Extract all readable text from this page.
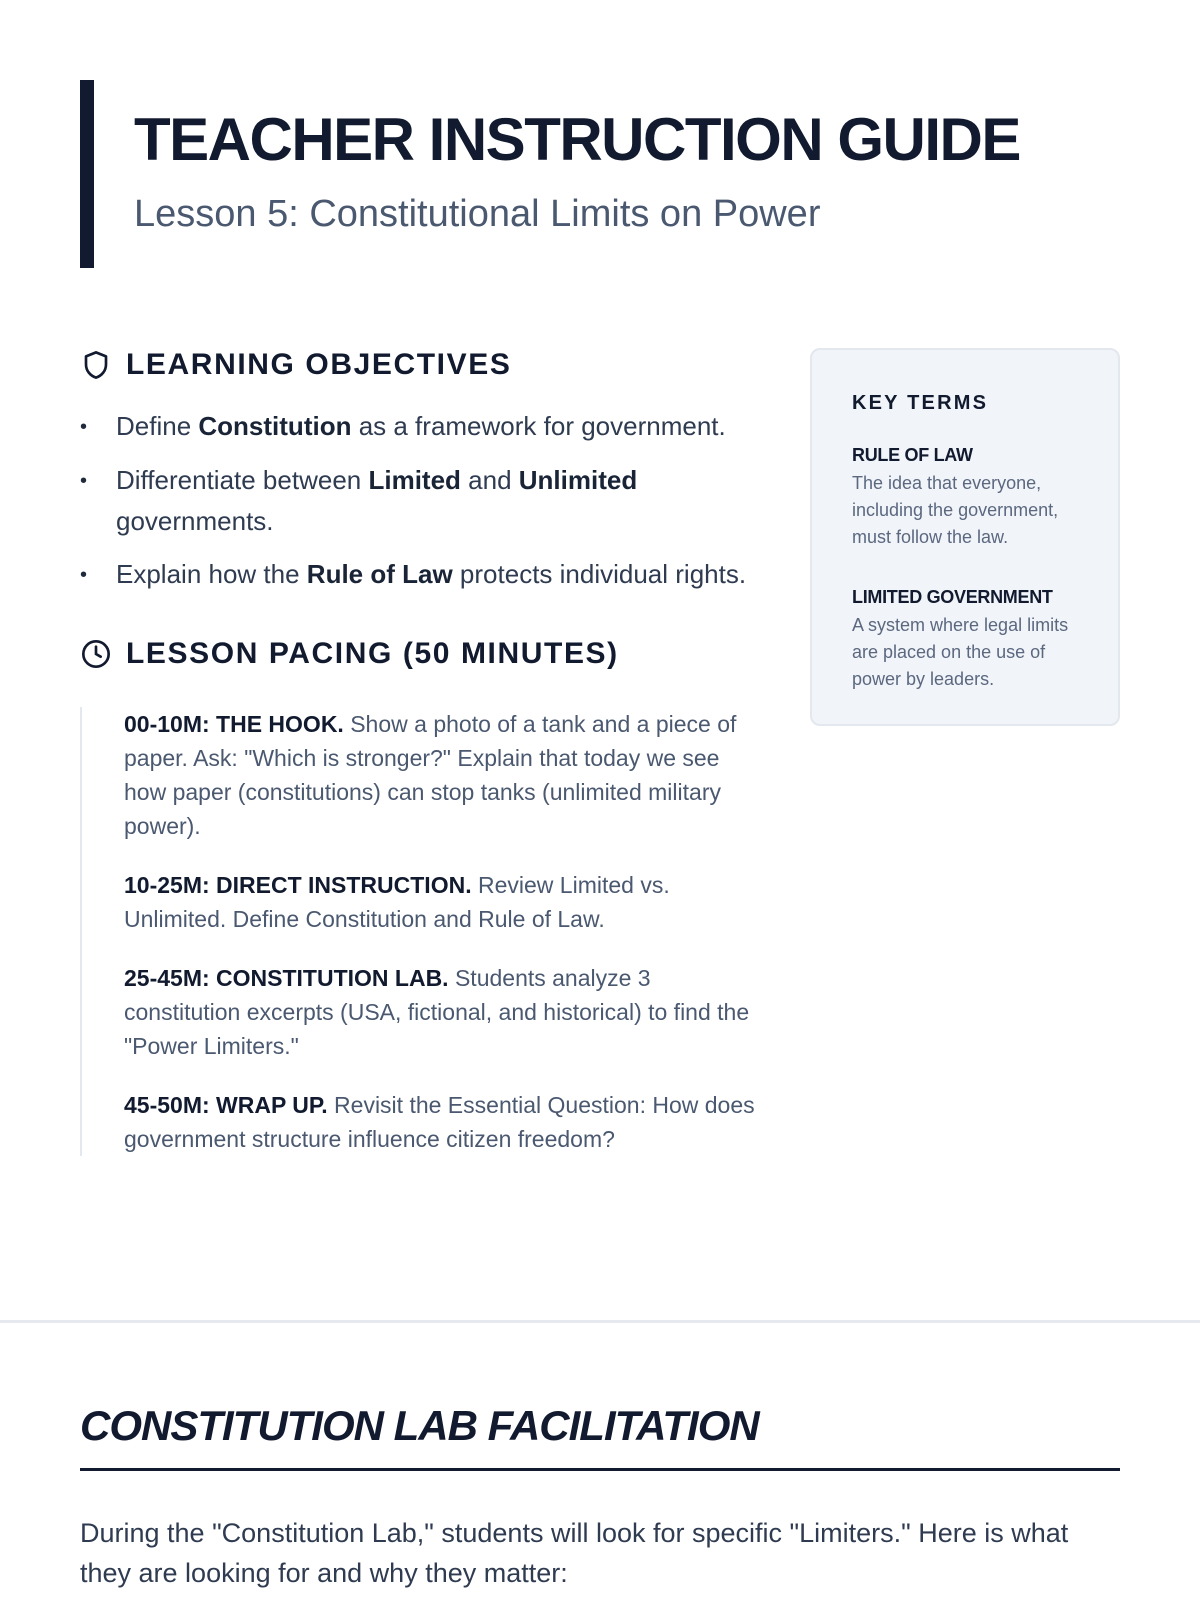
TEACHER INSTRUCTION GUIDE
Lesson 5: Constitutional Limits on Power
LEARNING OBJECTIVES
• Define Constitution as a framework for government.
• Differentiate between Limited and Unlimited governments.
• Explain how the Rule of Law protects individual rights.
LESSON PACING (50 MINUTES)

00-10M: THE HOOK. Show a photo of a tank and a piece of paper. Ask: "Which is stronger?" Explain that today we see how paper (constitutions) can stop tanks (unlimited military power).

10-25M: DIRECT INSTRUCTION. Review Limited vs. Unlimited. Define Constitution and Rule of Law.

25-45M: CONSTITUTION LAB. Students analyze 3 constitution excerpts (USA, fictional, and historical) to find the "Power Limiters."

45-50M: WRAP UP. Revisit the Essential Question: How does government structure influence citizen freedom?

KEY TERMS
RULE OF LAW
The idea that everyone, including the government, must follow the law.
LIMITED GOVERNMENT
A system where legal limits are placed on the use of power by leaders.
CONSTITUTION LAB FACILITATION

During the "Constitution Lab," students will look for specific "Limiters." Here is what they are looking for and why they matter:
